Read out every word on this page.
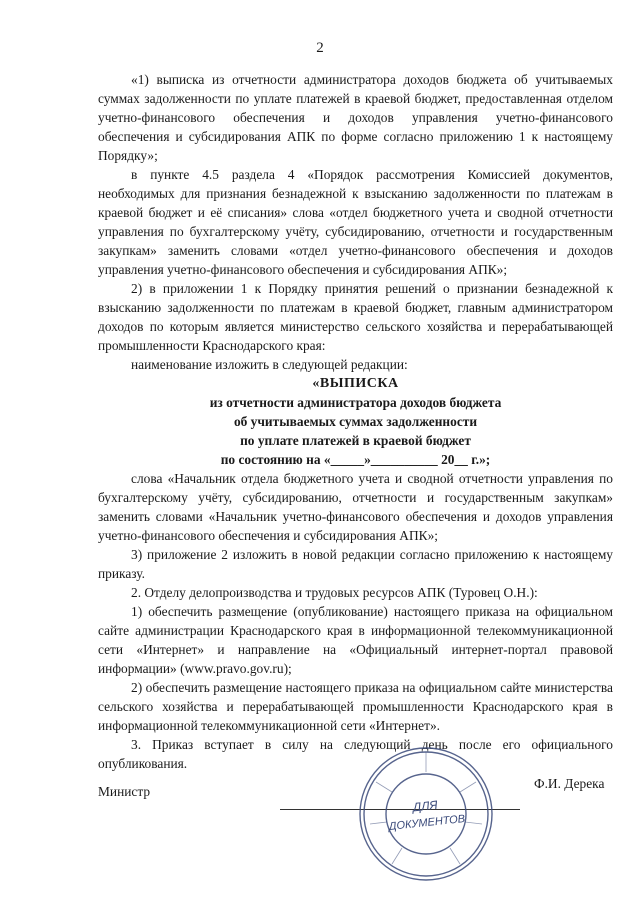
2

«1) выписка из отчетности администратора доходов бюджета об учитываемых суммах задолженности по уплате платежей в краевой бюджет, предоставленная отделом учетно-финансового обеспечения и доходов управления учетно-финансового обеспечения и субсидирования АПК по форме согласно приложению 1 к настоящему Порядку»;

в пункте 4.5 раздела 4 «Порядок рассмотрения Комиссией документов, необходимых для признания безнадежной к взысканию задолженности по платежам в краевой бюджет и её списания» слова «отдел бюджетного учета и сводной отчетности управления по бухгалтерскому учёту, субсидированию, отчетности и государственным закупкам» заменить словами «отдел учетно-финансового обеспечения и доходов управления учетно-финансового обеспечения и субсидирования АПК»;

2) в приложении 1 к Порядку принятия решений о признании безнадежной к взысканию задолженности по платежам в краевой бюджет, главным администратором доходов по которым является министерство сельского хозяйства и перерабатывающей промышленности Краснодарского края:

наименование изложить в следующей редакции:

«ВЫПИСКА
из отчетности администратора доходов бюджета
об учитываемых суммах задолженности
по уплате платежей в краевой бюджет
по состоянию на «_____»__________ 20__ г.»;

слова «Начальник отдела бюджетного учета и сводной отчетности управления по бухгалтерскому учёту, субсидированию, отчетности и государственным закупкам» заменить словами «Начальник учетно-финансового обеспечения и доходов управления учетно-финансового обеспечения и субсидирования АПК»;

3) приложение 2 изложить в новой редакции согласно приложению к настоящему приказу.

2. Отделу делопроизводства и трудовых ресурсов АПК (Туровец О.Н.):

1) обеспечить размещение (опубликование) настоящего приказа на официальном сайте администрации Краснодарского края в информационной телекоммуникационной сети «Интернет» и направление на «Официальный интернет-портал правовой информации» (www.pravo.gov.ru);

2) обеспечить размещение настоящего приказа на официальном сайте министерства сельского хозяйства и перерабатывающей промышленности Краснодарского края в информационной телекоммуникационной сети «Интернет».

3. Приказ вступает в силу на следующий день после его официального опубликования.

Министр
Ф.И. Дерека
ДЛЯ
ДОКУМЕНТОВ
